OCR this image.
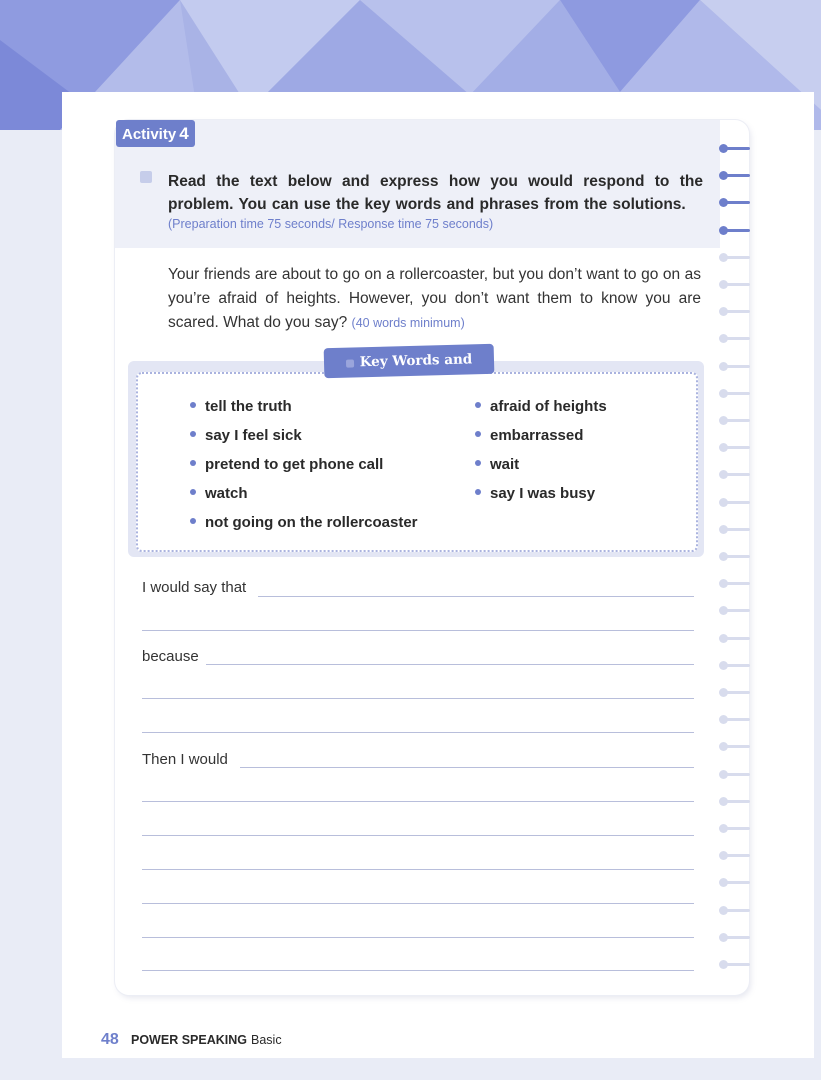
Activity 4
Read the text below and express how you would respond to the problem. You can use the key words and phrases from the solutions.
(Preparation time 75 seconds/ Response time 75 seconds)
Your friends are about to go on a rollercoaster, but you don’t want to go on as you’re afraid of heights. However, you don’t want them to know you are scared. What do you say? (40 words minimum)
Key Words and Phrases
tell the truth
say I feel sick
pretend to get phone call
watch
not going on the rollercoaster
afraid of heights
embarrassed
wait
say I was busy
I would say that
because
Then I would
48 POWER SPEAKING Basic
